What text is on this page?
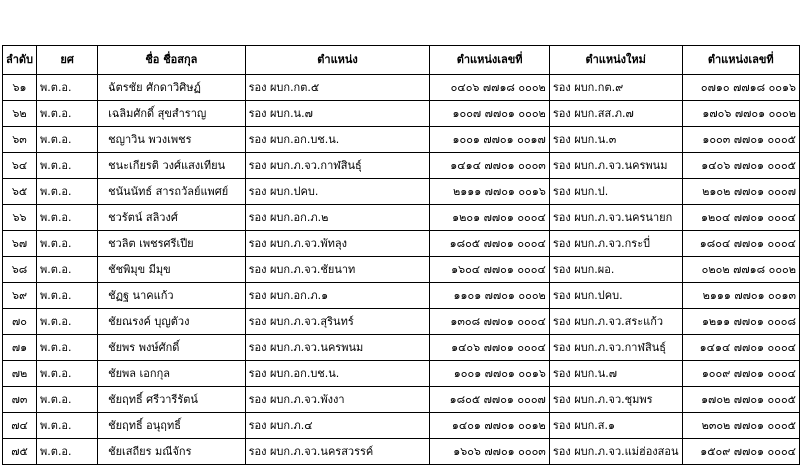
ลำดับ	ยศ	ชื่อ ชื่อสกุล	ตำแหน่ง	ตำแหน่งเลขที่	ตำแหน่งใหม่	ตำแหน่งเลขที่
๖๑	พ.ต.อ.	ฉัตรชัย ศักดาวิศิษฏ์	รอง ผบก.กต.๕	๐๔๐๖ ๗๗๑๘ ๐๐๐๒	รอง ผบก.กต.๙	๐๗๑๐ ๗๗๑๘ ๐๐๑๖
๖๒	พ.ต.อ.	เฉลิมศักดิ์ สุขสำราญ	รอง ผบก.น.๗	๑๐๐๗ ๗๗๐๑ ๐๐๐๒	รอง ผบก.สส.ภ.๗	๑๗๐๖ ๗๗๐๑ ๐๐๐๒
๖๓	พ.ต.อ.	ชญาวิน พวงเพชร	รอง ผบก.อก.บช.น.	๑๐๐๑ ๗๗๐๑ ๐๐๑๗	รอง ผบก.น.๓	๑๐๐๓ ๗๗๐๑ ๐๐๐๕
๖๔	พ.ต.อ.	ชนะเกียรติ วงศ์แสงเทียน	รอง ผบก.ภ.จว.กาฬสินธุ์	๑๔๑๔ ๗๗๐๑ ๐๐๐๓	รอง ผบก.ภ.จว.นครพนม	๑๔๐๖ ๗๗๐๑ ๐๐๐๕
๖๕	พ.ต.อ.	ชนันนัทธ์ สารถวัลย์แพศย์	รอง ผบก.ปคบ.	๒๑๑๑ ๗๗๐๑ ๐๐๑๖	รอง ผบก.ป.	๒๑๐๒ ๗๗๐๑ ๐๐๐๗
๖๖	พ.ต.อ.	ชวรัตน์ สลิวงศ์	รอง ผบก.อก.ภ.๒	๑๒๐๑ ๗๗๐๑ ๐๐๐๔	รอง ผบก.ภ.จว.นครนายก	๑๒๐๔ ๗๗๐๑ ๐๐๐๔
๖๗	พ.ต.อ.	ชวลิต เพชรศรีเปีย	รอง ผบก.ภ.จว.พัทลุง	๑๘๐๕ ๗๗๐๑ ๐๐๐๔	รอง ผบก.ภ.จว.กระบี่	๑๘๐๔ ๗๗๐๑ ๐๐๐๔
๖๘	พ.ต.อ.	ชัชพิมุข มีมุข	รอง ผบก.ภ.จว.ชัยนาท	๑๖๐๔ ๗๗๐๑ ๐๐๐๔	รอง ผบก.ผอ.	๐๒๐๒ ๗๗๑๘ ๐๐๐๒
๖๙	พ.ต.อ.	ชัฏฐ นาคแก้ว	รอง ผบก.อก.ภ.๑	๑๑๐๑ ๗๗๐๑ ๐๐๐๒	รอง ผบก.ปคบ.	๒๑๑๑ ๗๗๐๑ ๐๐๑๓
๗๐	พ.ต.อ.	ชัยณรงค์ บุญตัวง	รอง ผบก.ภ.จว.สุรินทร์	๑๓๐๘ ๗๗๐๑ ๐๐๐๔	รอง ผบก.ภ.จว.สระแก้ว	๑๒๑๑ ๗๗๐๑ ๐๐๐๘
๗๑	พ.ต.อ.	ชัยพร พงษ์ศักดิ์	รอง ผบก.ภ.จว.นครพนม	๑๔๐๖ ๗๗๐๑ ๐๐๐๔	รอง ผบก.ภ.จว.กาฬสินธุ์	๑๔๑๔ ๗๗๐๑ ๐๐๐๔
๗๒	พ.ต.อ.	ชัยพล เอกกุล	รอง ผบก.อก.บช.น.	๑๐๐๑ ๗๗๐๑ ๐๐๑๖	รอง ผบก.น.๗	๑๐๐๙ ๗๗๐๑ ๐๐๐๔
๗๓	พ.ต.อ.	ชัยฤทธิ์ ศรีวารีรัตน์	รอง ผบก.ภ.จว.พังงา	๑๘๐๕ ๗๗๐๑ ๐๐๐๗	รอง ผบก.ภ.จว.ชุมพร	๑๗๐๒ ๗๗๐๑ ๐๐๐๕
๗๔	พ.ต.อ.	ชัยฤทธิ์ อนุฤทธิ์	รอง ผบก.ภ.๔	๑๔๐๑ ๗๗๐๑ ๐๐๑๒	รอง ผบก.ส.๑	๒๓๐๒ ๗๗๐๑ ๐๐๐๕
๗๕	พ.ต.อ.	ชัยเสถียร มณีจักร	รอง ผบก.ภ.จว.นครสวรรค์	๑๖๐๖ ๗๗๐๑ ๐๐๐๓	รอง ผบก.ภ.จว.แม่ฮ่องสอน	๑๕๐๙ ๗๗๐๑ ๐๐๐๔
